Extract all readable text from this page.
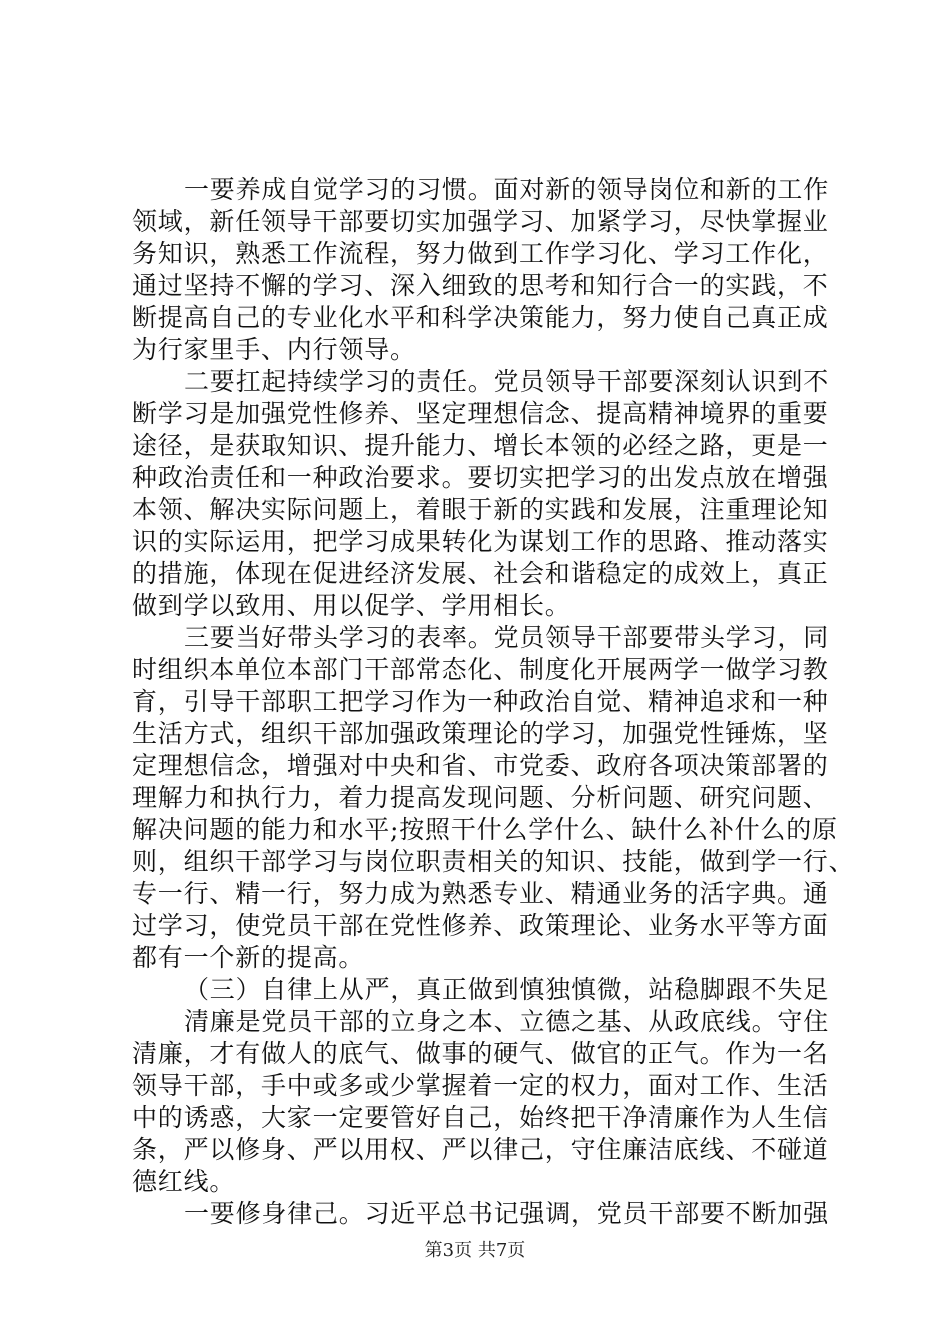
一要养成自觉学习的习惯。面对新的领导岗位和新的工作
领域，新任领导干部要切实加强学习、加紧学习，尽快掌握业
务知识，熟悉工作流程，努力做到工作学习化、学习工作化，
通过坚持不懈的学习、深入细致的思考和知行合一的实践，不
断提高自己的专业化水平和科学决策能力，努力使自己真正成
为行家里手、内行领导。
二要扛起持续学习的责任。党员领导干部要深刻认识到不
断学习是加强党性修养、坚定理想信念、提高精神境界的重要
途径，是获取知识、提升能力、增长本领的必经之路，更是一
种政治责任和一种政治要求。要切实把学习的出发点放在增强
本领、解决实际问题上，着眼于新的实践和发展，注重理论知
识的实际运用，把学习成果转化为谋划工作的思路、推动落实
的措施，体现在促进经济发展、社会和谐稳定的成效上，真正
做到学以致用、用以促学、学用相长。
三要当好带头学习的表率。党员领导干部要带头学习，同
时组织本单位本部门干部常态化、制度化开展两学一做学习教
育，引导干部职工把学习作为一种政治自觉、精神追求和一种
生活方式，组织干部加强政策理论的学习，加强党性锤炼，坚
定理想信念，增强对中央和省、市党委、政府各项决策部署的
理解力和执行力，着力提高发现问题、分析问题、研究问题、
解决问题的能力和水平;按照干什么学什么、缺什么补什么的原
则，组织干部学习与岗位职责相关的知识、技能，做到学一行、
专一行、精一行，努力成为熟悉专业、精通业务的活字典。通
过学习，使党员干部在党性修养、政策理论、业务水平等方面
都有一个新的提高。
（三）自律上从严，真正做到慎独慎微，站稳脚跟不失足
清廉是党员干部的立身之本、立德之基、从政底线。守住
清廉，才有做人的底气、做事的硬气、做官的正气。作为一名
领导干部，手中或多或少掌握着一定的权力，面对工作、生活
中的诱惑，大家一定要管好自己，始终把干净清廉作为人生信
条，严以修身、严以用权、严以律己，守住廉洁底线、不碰道
德红线。
一要修身律己。习近平总书记强调，党员干部要不断加强
第3页 共7页
